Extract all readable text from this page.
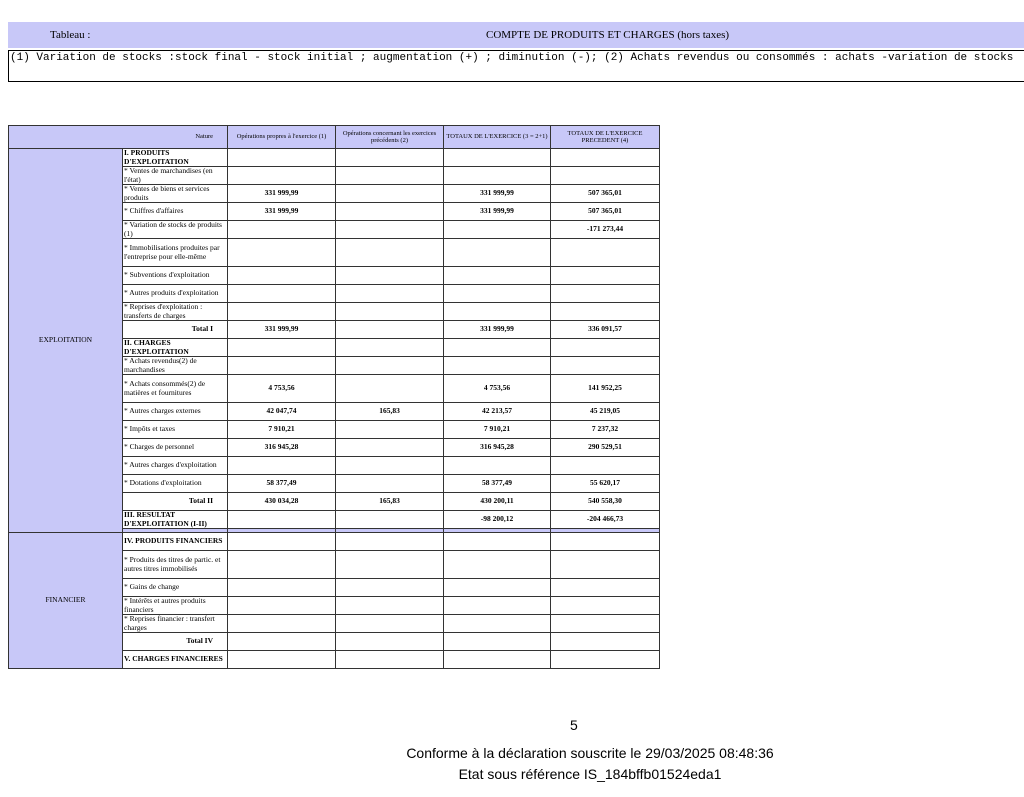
Tableau :	COMPTE DE PRODUITS ET CHARGES (hors taxes)
(1) Variation de stocks :stock final - stock initial ; augmentation (+) ; diminution (-); (2) Achats revendus ou consommés : achats -variation de stocks
Nature		Opérations propres à l'exercice (1)	Opérations concernant les exercices précédents (2)	TOTAUX DE L'EXERCICE (3 = 2+1)	TOTAUX DE L'EXERCICE PRECEDENT (4)
EXPLOITATION	I. PRODUITS D'EXPLOITATION				
	* Ventes de marchandises (en l'état)				
	* Ventes de biens et services produits	331 999,99		331 999,99	507 365,01
	* Chiffres d'affaires	331 999,99		331 999,99	507 365,01
	* Variation de stocks de produits (1)				-171 273,44
	* Immobilisations produites par l'entreprise pour elle-même				
	* Subventions d'exploitation				
	* Autres produits d'exploitation				
	* Reprises d'exploitation : transferts de charges				
	Total I	331 999,99		331 999,99	336 091,57
	II. CHARGES D'EXPLOITATION				
	* Achats revendus(2) de marchandises				
	* Achats consommés(2) de matières et fournitures	4 753,56		4 753,56	141 952,25
	* Autres charges externes	42 047,74	165,83	42 213,57	45 219,05
	* Impôts et taxes	7 910,21		7 910,21	7 237,32
	* Charges de personnel	316 945,28		316 945,28	290 529,51
	* Autres charges d'exploitation				
	* Dotations d'exploitation	58 377,49		58 377,49	55 620,17
	Total II	430 034,28	165,83	430 200,11	540 558,30
	III. RESULTAT D'EXPLOITATION (I-II)			-98 200,12	-204 466,73

FINANCIER	IV. PRODUITS FINANCIERS				
	* Produits des titres de partic. et autres titres immobilisés				
	* Gains de change				
	* Intérêts et autres produits financiers				
	* Reprises financier : transfert charges				
	Total IV				
	V. CHARGES FINANCIERES				
5
Conforme à la déclaration souscrite le 29/03/2025 08:48:36
Etat sous référence IS_184bffb01524eda1
